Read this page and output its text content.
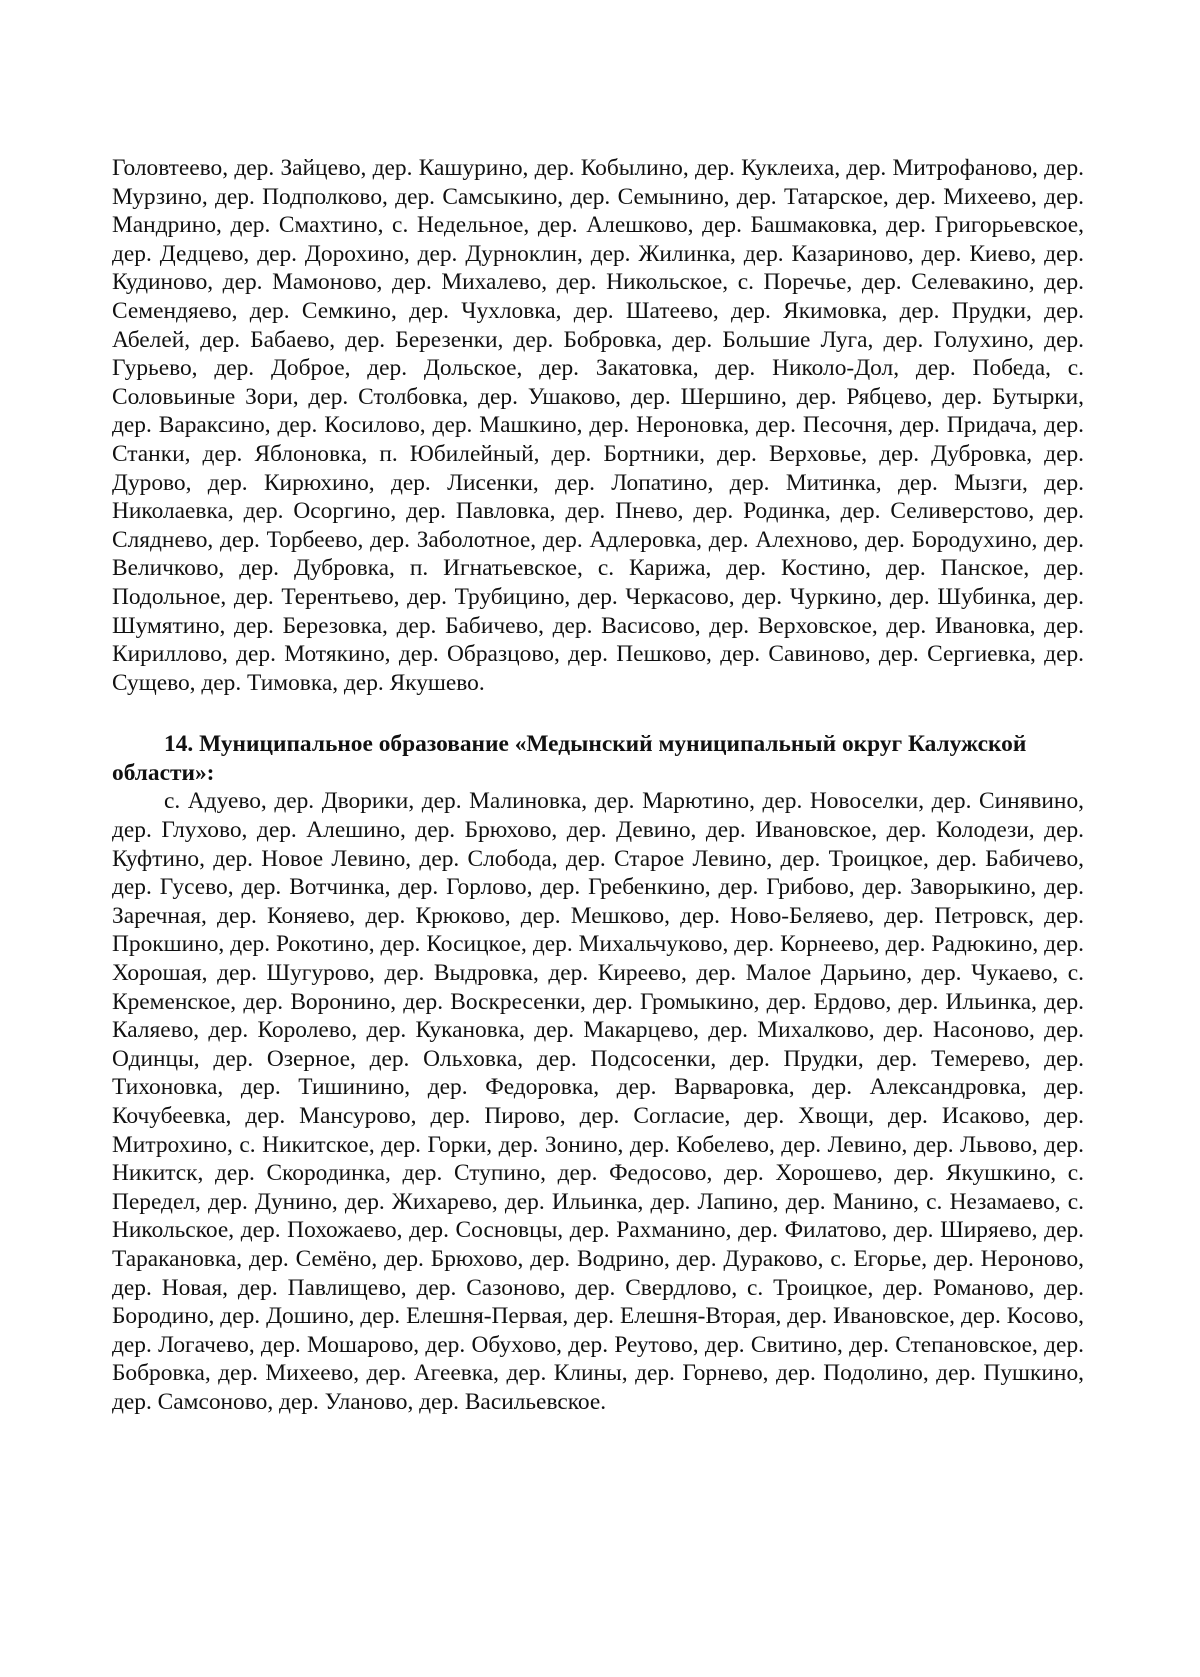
Головтеево, дер. Зайцево, дер. Кашурино, дер. Кобылино, дер. Куклеиха, дер. Митрофаново, дер. Мурзино, дер. Подполково, дер. Самсыкино, дер. Семынино, дер. Татарское, дер. Михеево, дер. Мандрино, дер. Смахтино, с. Недельное, дер. Алешково, дер. Башмаковка, дер. Григорьевское, дер. Дедцево, дер. Дорохино, дер. Дурноклин, дер. Жилинка, дер. Казариново, дер. Киево, дер. Кудиново, дер. Мамоново, дер. Михалево, дер. Никольское, с. Поречье, дер. Селевакино, дер. Семендяево, дер. Семкино, дер. Чухловка, дер. Шатеево, дер. Якимовка, дер. Прудки, дер. Абелей, дер. Бабаево, дер. Березенки, дер. Бобровка, дер. Большие Луга, дер. Голухино, дер. Гурьево, дер. Доброе, дер. Дольское, дер. Закатовка, дер. Николо-Дол, дер. Победа, с. Соловьиные Зори, дер. Столбовка, дер. Ушаково, дер. Шершино, дер. Рябцево, дер. Бутырки, дер. Вараксино, дер. Косилово, дер. Машкино, дер. Нероновка, дер. Песочня, дер. Придача, дер. Станки, дер. Яблоновка, п. Юбилейный, дер. Бортники, дер. Верховье, дер. Дубровка, дер. Дурово, дер. Кирюхино, дер. Лисенки, дер. Лопатино, дер. Митинка, дер. Мызги, дер. Николаевка, дер. Осоргино, дер. Павловка, дер. Пнево, дер. Родинка, дер. Селиверстово, дер. Сляднево, дер. Торбеево, дер. Заболотное, дер. Адлеровка, дер. Алехново, дер. Бородухино, дер. Величково, дер. Дубровка, п. Игнатьевское, с. Карижа, дер. Костино, дер. Панское, дер. Подольное, дер. Терентьево, дер. Трубицино, дер. Черкасово, дер. Чуркино, дер. Шубинка, дер. Шумятино, дер. Березовка, дер. Бабичево, дер. Васисово, дер. Верховское, дер. Ивановка, дер. Кириллово, дер. Мотякино, дер. Образцово, дер. Пешково, дер. Савиново, дер. Сергиевка, дер. Сущево, дер. Тимовка, дер. Якушево.

14. Муниципальное образование «Медынский муниципальный округ Калужской области»:

с. Адуево, дер. Дворики, дер. Малиновка, дер. Марютино, дер. Новоселки, дер. Синявино, дер. Глухово, дер. Алешино, дер. Брюхово, дер. Девино, дер. Ивановское, дер. Колодези, дер. Куфтино, дер. Новое Левино, дер. Слобода, дер. Старое Левино, дер. Троицкое, дер. Бабичево, дер. Гусево, дер. Вотчинка, дер. Горлово, дер. Гребенкино, дер. Грибово, дер. Заворыкино, дер. Заречная, дер. Коняево, дер. Крюково, дер. Мешково, дер. Ново-Беляево, дер. Петровск, дер. Прокшино, дер. Рокотино, дер. Косицкое, дер. Михальчуково, дер. Корнеево, дер. Радюкино, дер. Хорошая, дер. Шугурово, дер. Выдровка, дер. Киреево, дер. Малое Дарьино, дер. Чукаево, с. Кременское, дер. Воронино, дер. Воскресенки, дер. Громыкино, дер. Ердово, дер. Ильинка, дер. Каляево, дер. Королево, дер. Кукановка, дер. Макарцево, дер. Михалково, дер. Насоново, дер. Одинцы, дер. Озерное, дер. Ольховка, дер. Подсосенки, дер. Прудки, дер. Темерево, дер. Тихоновка, дер. Тишинино, дер. Федоровка, дер. Варваровка, дер. Александровка, дер. Кочубеевка, дер. Мансурово, дер. Пирово, дер. Согласие, дер. Хвощи, дер. Исаково, дер. Митрохино, с. Никитское, дер. Горки, дер. Зонино, дер. Кобелево, дер. Левино, дер. Львово, дер. Никитск, дер. Скородинка, дер. Ступино, дер. Федосово, дер. Хорошево, дер. Якушкино, с. Передел, дер. Дунино, дер. Жихарево, дер. Ильинка, дер. Лапино, дер. Манино, с. Незамаево, с. Никольское, дер. Похожаево, дер. Сосновцы, дер. Рахманино, дер. Филатово, дер. Ширяево, дер. Таракановка, дер. Семёно, дер. Брюхово, дер. Водрино, дер. Дураково, с. Егорье, дер. Нероново, дер. Новая, дер. Павлищево, дер. Сазоново, дер. Свердлово, с. Троицкое, дер. Романово, дер. Бородино, дер. Дошино, дер. Елешня-Первая, дер. Елешня-Вторая, дер. Ивановское, дер. Косово, дер. Логачево, дер. Мошарово, дер. Обухово, дер. Реутово, дер. Свитино, дер. Степановское, дер. Бобровка, дер. Михеево, дер. Агеевка, дер. Клины, дер. Горнево, дер. Подолино, дер. Пушкино, дер. Самсоново, дер. Уланово, дер. Васильевское.
